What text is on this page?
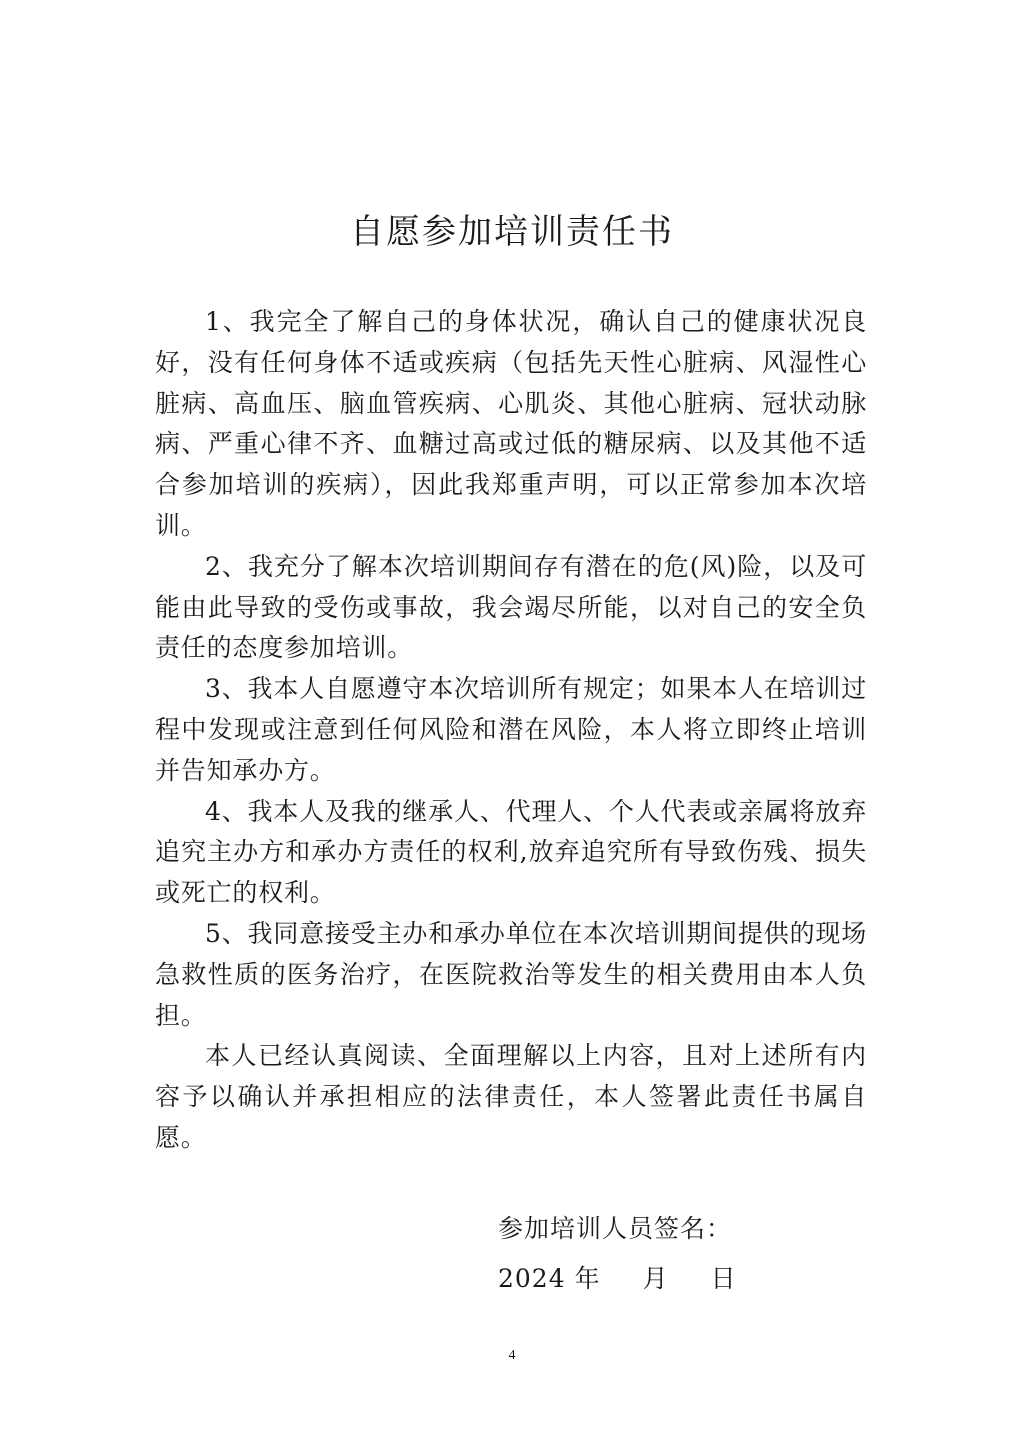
自愿参加培训责任书

1、我完全了解自己的身体状况，确认自己的健康状况良好，没有任何身体不适或疾病（包括先天性心脏病、风湿性心脏病、高血压、脑血管疾病、心肌炎、其他心脏病、冠状动脉病、严重心律不齐、血糖过高或过低的糖尿病、以及其他不适合参加培训的疾病），因此我郑重声明，可以正常参加本次培训。

2、我充分了解本次培训期间存有潜在的危(风)险，以及可能由此导致的受伤或事故，我会竭尽所能，以对自己的安全负责任的态度参加培训。

3、我本人自愿遵守本次培训所有规定；如果本人在培训过程中发现或注意到任何风险和潜在风险，本人将立即终止培训并告知承办方。

4、我本人及我的继承人、代理人、个人代表或亲属将放弃追究主办方和承办方责任的权利,放弃追究所有导致伤残、损失或死亡的权利。

5、我同意接受主办和承办单位在本次培训期间提供的现场急救性质的医务治疗，在医院救治等发生的相关费用由本人负担。

本人已经认真阅读、全面理解以上内容，且对上述所有内容予以确认并承担相应的法律责任，本人签署此责任书属自愿。

参加培训人员签名：
2024 年 月 日
4
